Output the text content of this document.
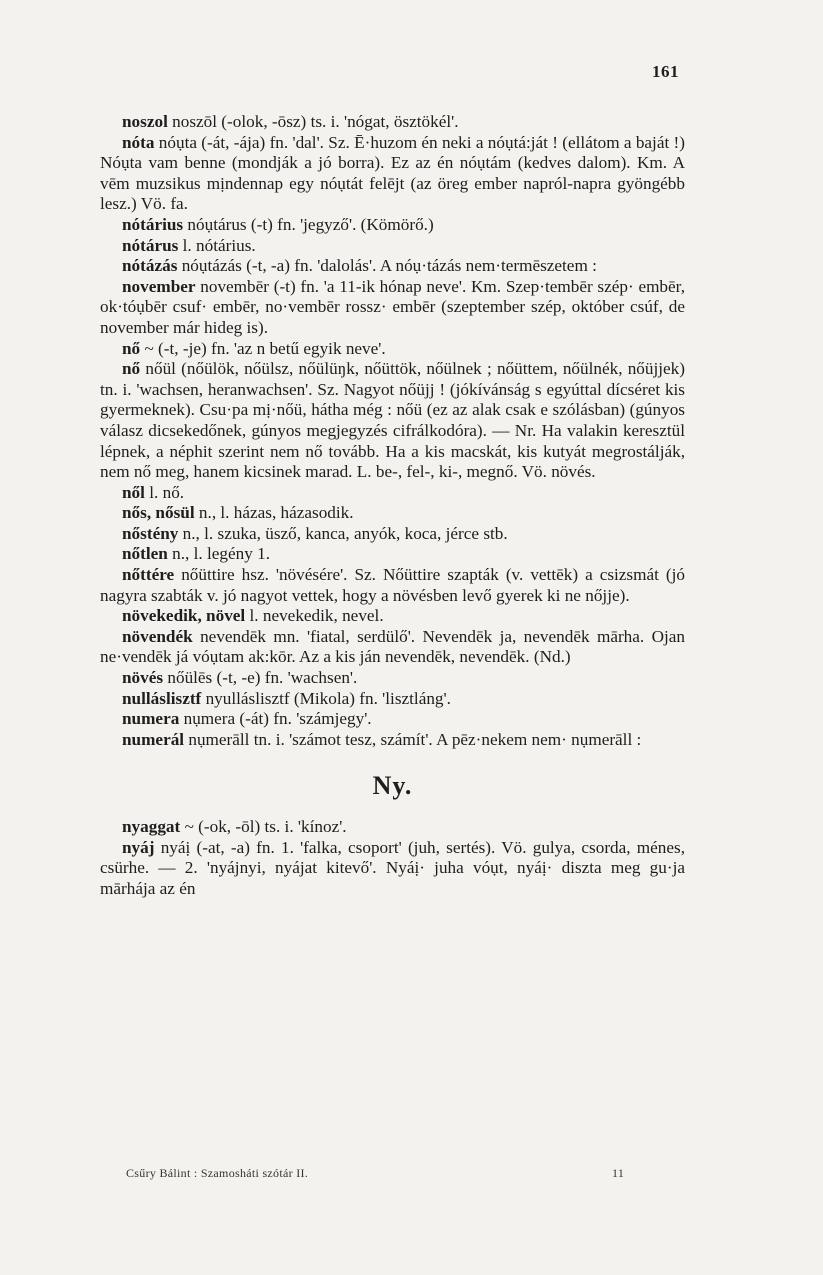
161

noszol noszōl (-olok, -ōsz) ts. i. 'nógat, ösztökél'.

nóta nóụta (-át, -ája) fn. 'dal'. Sz. Ē·huzom én neki a nóụtá:ját ! (ellátom a baját !) Nóụta vam benne (mondják a jó borra). Ez az én nóụtám (kedves dalom). Km. A vēm muzsikus mịndennap egy nóụtát felējt (az öreg ember napról-napra gyöngébb lesz.) Vö. fa.

nótárius nóụtárus (-t) fn. 'jegyző'. (Kömörő.)

nótárus l. nótárius.

nótázás nóụtázás (-t, -a) fn. 'dalolás'. A nóụ·tázás nem·termēszetem :

november novembēr (-t) fn. 'a 11-ik hónap neve'. Km. Szep·tembēr szép· embēr, ok·tóụbēr csuf· embēr, no·vembēr rossz· embēr (szeptember szép, október csúf, de november már hideg is).

nő ~ (-t, -je) fn. 'az n betű egyik neve'.

nő nőül (nőülök, nőülsz, nőülüŋk, nőüttök, nőülnek ; nőüttem, nőülnék, nőüjjek) tn. i. 'wachsen, heranwachsen'. Sz. Nagyot nőüjj ! (jókívánság s egyúttal dícséret kis gyermeknek). Csu·pa mị·nőü, hátha még : nőü (ez az alak csak e szólásban) (gúnyos válasz dicsekedőnek, gúnyos megjegyzés cifrálkodóra). — Nr. Ha valakin keresztül lépnek, a néphit szerint nem nő tovább. Ha a kis macskát, kis kutyát megrostálják, nem nő meg, hanem kicsinek marad. L. be-, fel-, ki-, megnő. Vö. növés.

nől l. nő.

nős, nősül n., l. házas, házasodik.

nőstény n., l. szuka, üsző, kanca, anyók, koca, jérce stb.

nőtlen n., l. legény 1.

nőttére nőüttire hsz. 'növésére'. Sz. Nőüttire szapták (v. vettēk) a csizsmát (jó nagyra szabták v. jó nagyot vettek, hogy a növésben levő gyerek ki ne nőjje).

növekedik, növel l. nevekedik, nevel.

növendék nevendēk mn. 'fiatal, serdülő'. Nevendēk ja, nevendēk mārha. Ojan ne·vendēk já vóụtam ak:kōr. Az a kis ján nevendēk, nevendēk. (Nd.)

növés nőülēs (-t, -e) fn. 'wachsen'.

nulláslisztf nyulláslisztf (Mikola) fn. 'lisztláng'.

numera nụmera (-át) fn. 'számjegy'.

numerál nụmerāll tn. i. 'számot tesz, számít'. A pēz·nekem nem· nụmerāll :

Ny.

nyaggat ~ (-ok, -ōl) ts. i. 'kínoz'.

nyáj nyáị (-at, -a) fn. 1. 'falka, csoport' (juh, sertés). Vö. gulya, csorda, ménes, csürhe. — 2. 'nyájnyi, nyájat kitevő'. Nyáị· juha vóụt, nyáị· diszta meg gu·ja mārhája az én

Csűry Bálint : Szamosháti szótár II.	11
